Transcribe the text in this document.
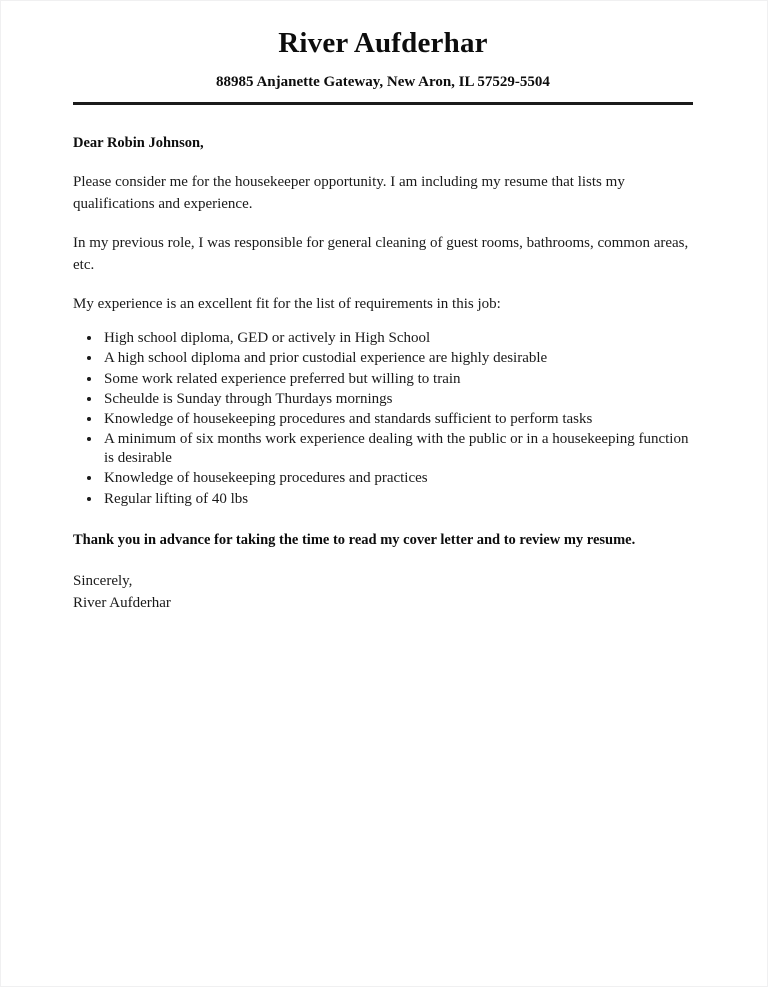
River Aufderhar

88985 Anjanette Gateway, New Aron, IL 57529-5504

Dear Robin Johnson,

Please consider me for the housekeeper opportunity. I am including my resume that lists my qualifications and experience.

In my previous role, I was responsible for general cleaning of guest rooms, bathrooms, common areas, etc.

My experience is an excellent fit for the list of requirements in this job:

• High school diploma, GED or actively in High School
• A high school diploma and prior custodial experience are highly desirable
• Some work related experience preferred but willing to train
• Scheulde is Sunday through Thurdays mornings
• Knowledge of housekeeping procedures and standards sufficient to perform tasks
• A minimum of six months work experience dealing with the public or in a housekeeping function is desirable
• Knowledge of housekeeping procedures and practices
• Regular lifting of 40 lbs

Thank you in advance for taking the time to read my cover letter and to review my resume.

Sincerely,
River Aufderhar
